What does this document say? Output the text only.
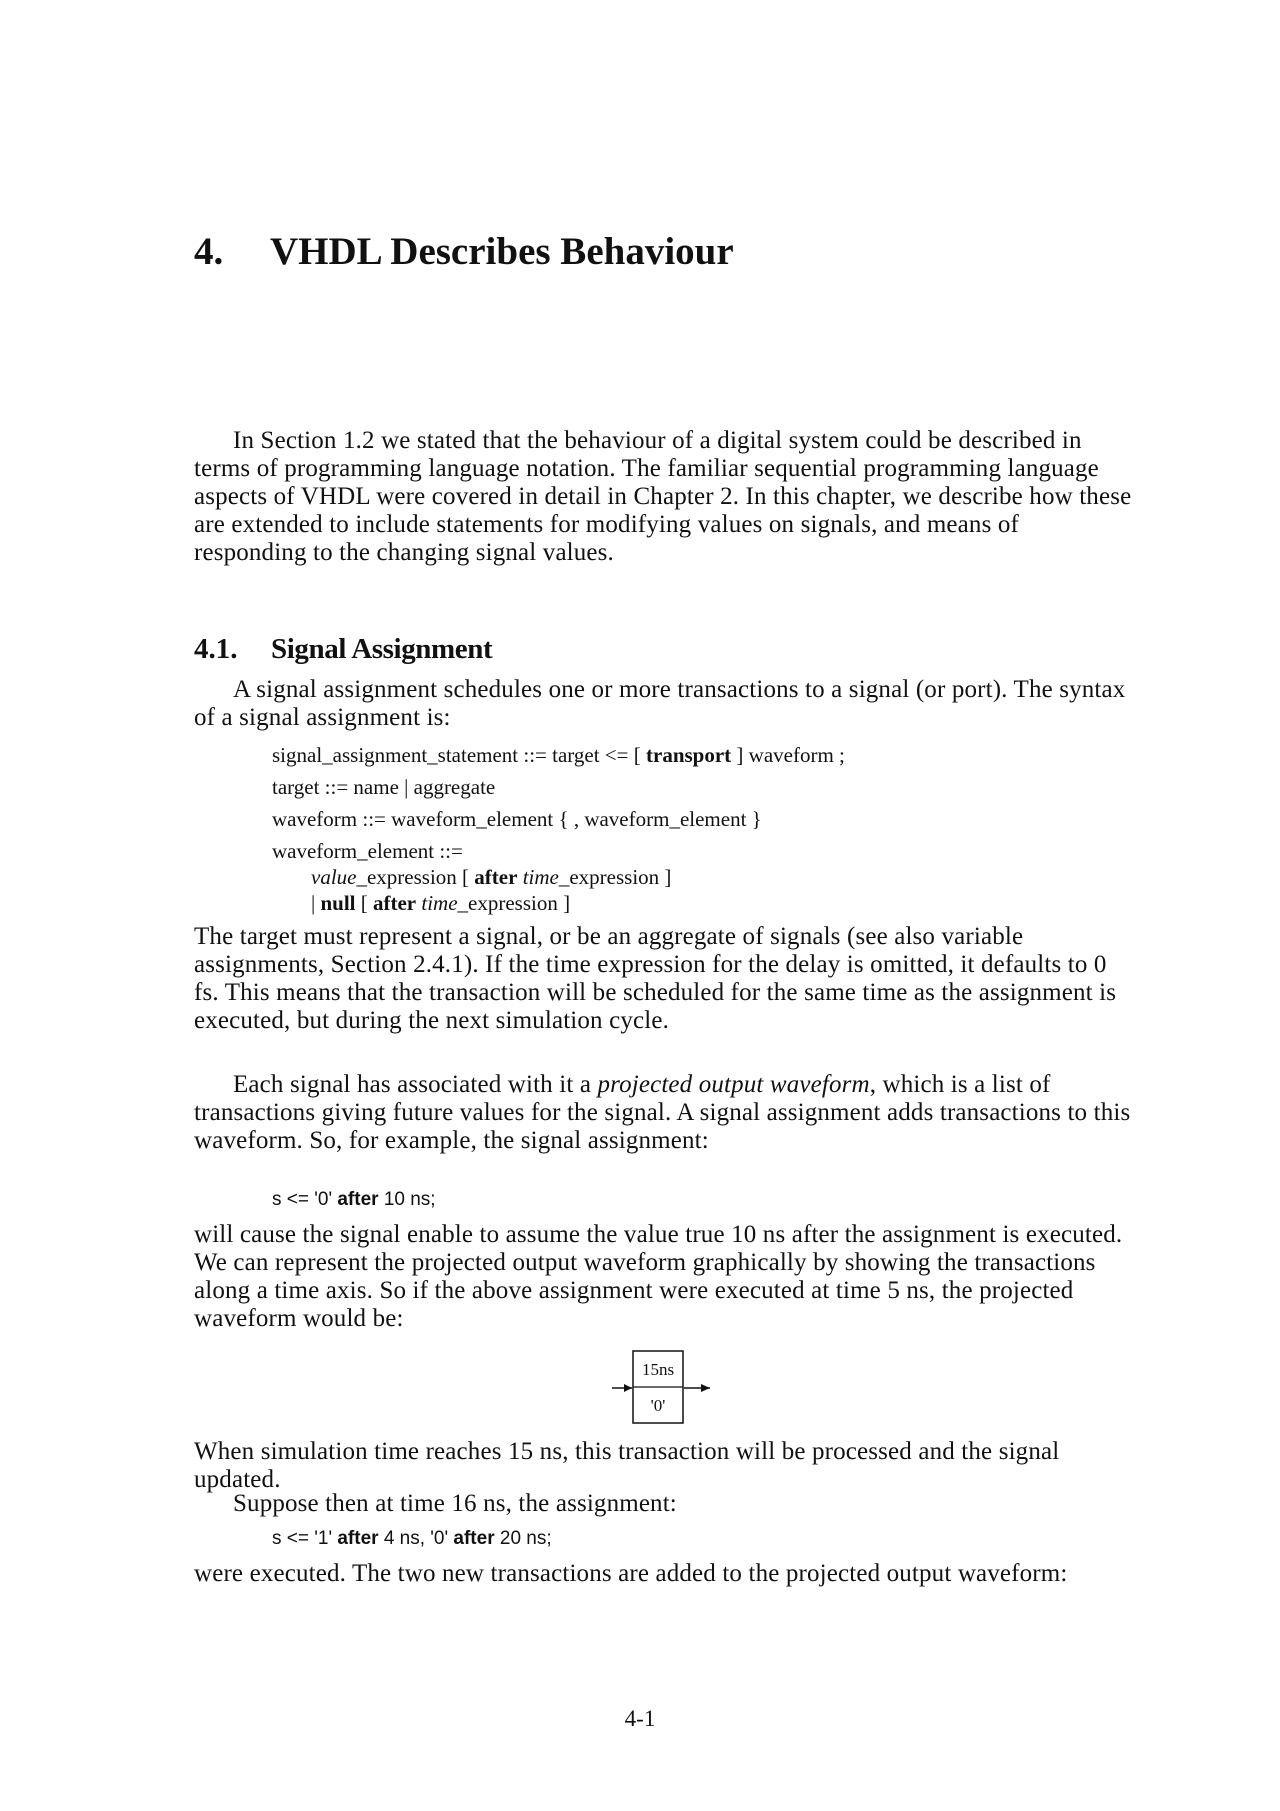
4. VHDL Describes Behaviour

In Section 1.2 we stated that the behaviour of a digital system could be described in terms of programming language notation. The familiar sequential programming language aspects of VHDL were covered in detail in Chapter 2. In this chapter, we describe how these are extended to include statements for modifying values on signals, and means of responding to the changing signal values.

4.1. Signal Assignment

A signal assignment schedules one or more transactions to a signal (or port). The syntax of a signal assignment is:

signal_assignment_statement ::= target <= [ transport ] waveform ;

target ::= name | aggregate

waveform ::= waveform_element { , waveform_element }

waveform_element ::=

value_expression [ after time_expression ]

| null [ after time_expression ]

The target must represent a signal, or be an aggregate of signals (see also variable assignments, Section 2.4.1). If the time expression for the delay is omitted, it defaults to 0 fs. This means that the transaction will be scheduled for the same time as the assignment is executed, but during the next simulation cycle.

Each signal has associated with it a projected output waveform, which is a list of transactions giving future values for the signal. A signal assignment adds transactions to this waveform. So, for example, the signal assignment:

s <= '0' after 10 ns;

will cause the signal enable to assume the value true 10 ns after the assignment is executed. We can represent the projected output waveform graphically by showing the transactions along a time axis. So if the above assignment were executed at time 5 ns, the projected waveform would be:

15ns
'0'

When simulation time reaches 15 ns, this transaction will be processed and the signal updated.

Suppose then at time 16 ns, the assignment:

s <= '1' after 4 ns, '0' after 20 ns;

were executed. The two new transactions are added to the projected output waveform:

4-1
